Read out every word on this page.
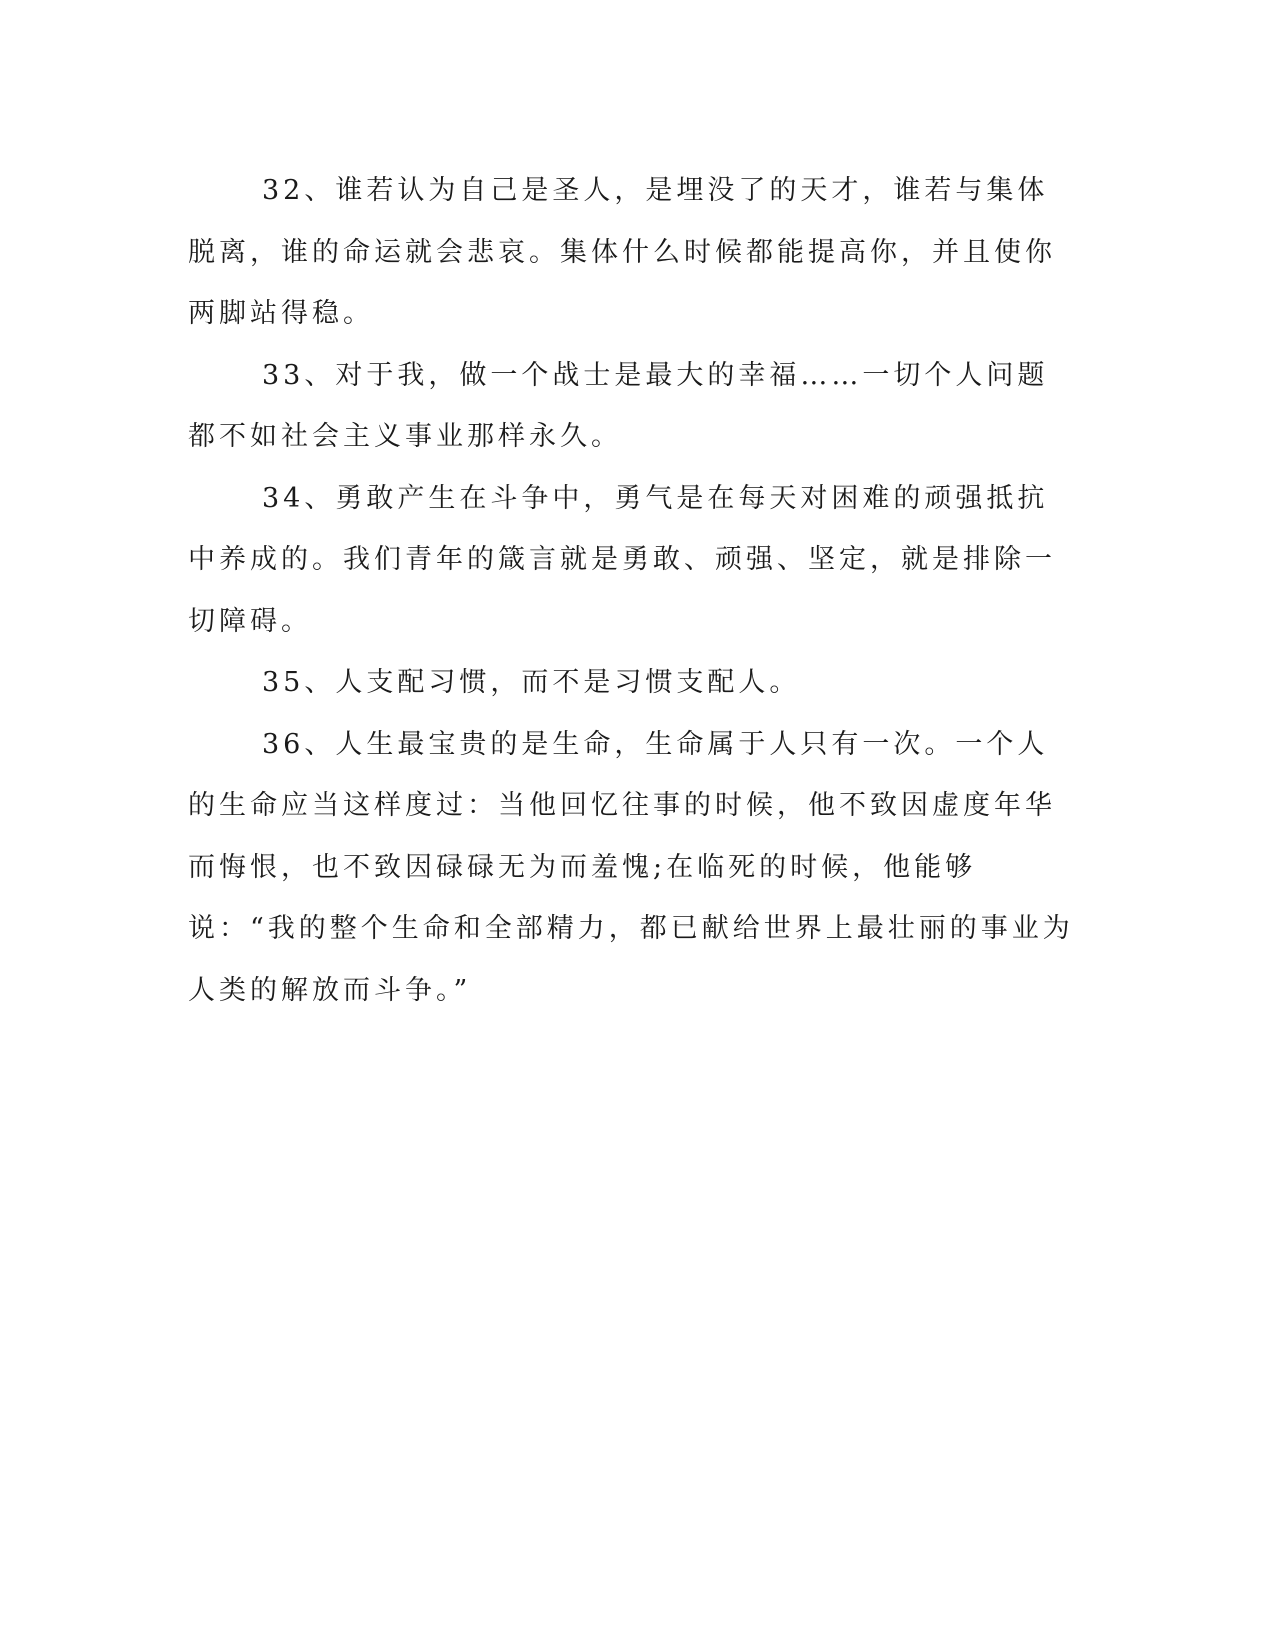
32、谁若认为自己是圣人，是埋没了的天才，谁若与集体脱离，谁的命运就会悲哀。集体什么时候都能提高你，并且使你两脚站得稳。

33、对于我，做一个战士是最大的幸福……一切个人问题都不如社会主义事业那样永久。

34、勇敢产生在斗争中，勇气是在每天对困难的顽强抵抗中养成的。我们青年的箴言就是勇敢、顽强、坚定，就是排除一切障碍。

35、人支配习惯，而不是习惯支配人。

36、人生最宝贵的是生命，生命属于人只有一次。一个人的生命应当这样度过：当他回忆往事的时候，他不致因虚度年华而悔恨，也不致因碌碌无为而羞愧;在临死的时候，他能够说：“我的整个生命和全部精力，都已献给世界上最壮丽的事业为人类的解放而斗争。”
